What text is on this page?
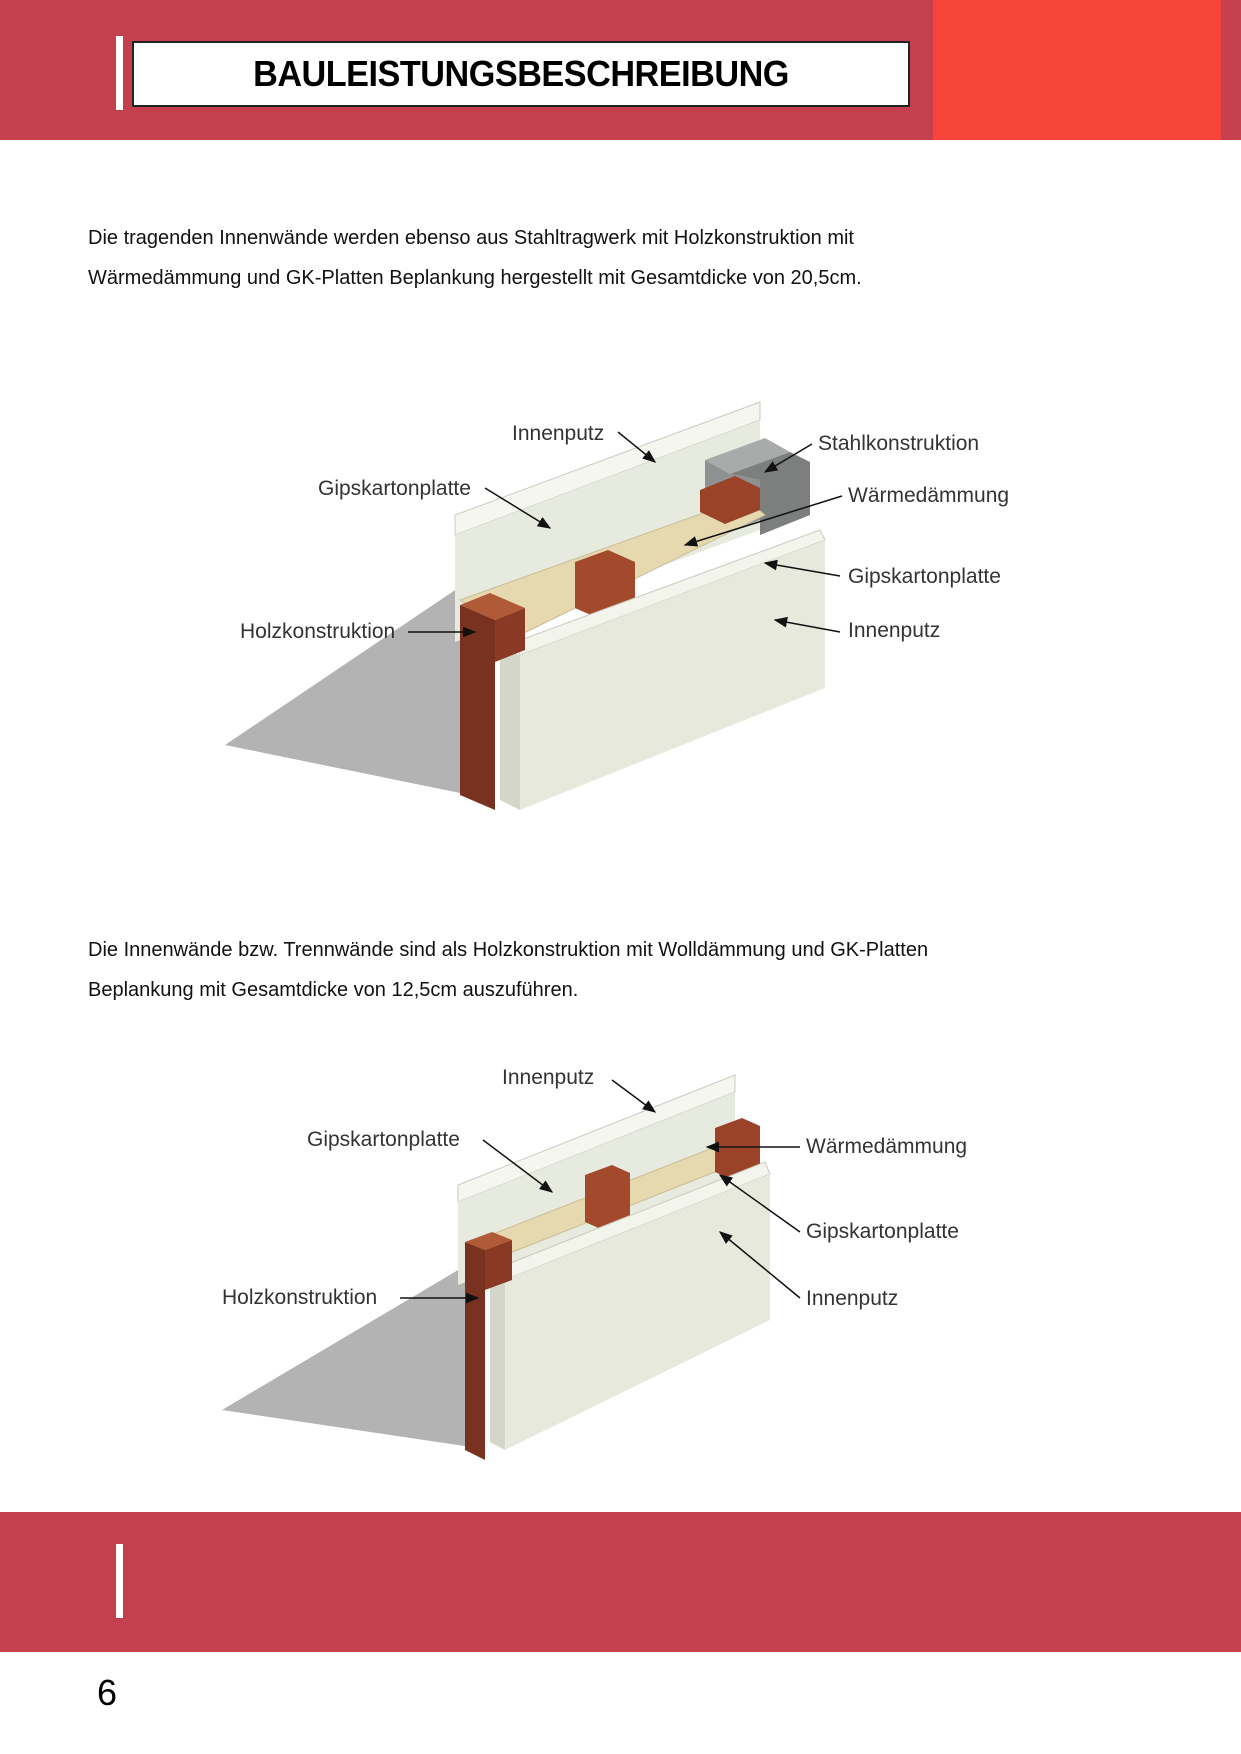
BAULEISTUNGSBESCHREIBUNG

Die tragenden Innenwände werden ebenso aus Stahltragwerk mit Holzkonstruktion mit

Wärmedämmung und GK-Platten Beplankung hergestellt mit Gesamtdicke von 20,5cm.

Innenputz	Stahlkonstruktion
Gipskartonplatte	Wärmedämmung
Gipskartonplatte
Holzkonstruktion	Innenputz

Die Innenwände bzw. Trennwände sind als Holzkonstruktion mit Wolldämmung und GK-Platten

Beplankung mit Gesamtdicke von 12,5cm auszuführen.

Innenputz
Gipskartonplatte	Wärmedämmung
Gipskartonplatte
Holzkonstruktion	Innenputz
6
